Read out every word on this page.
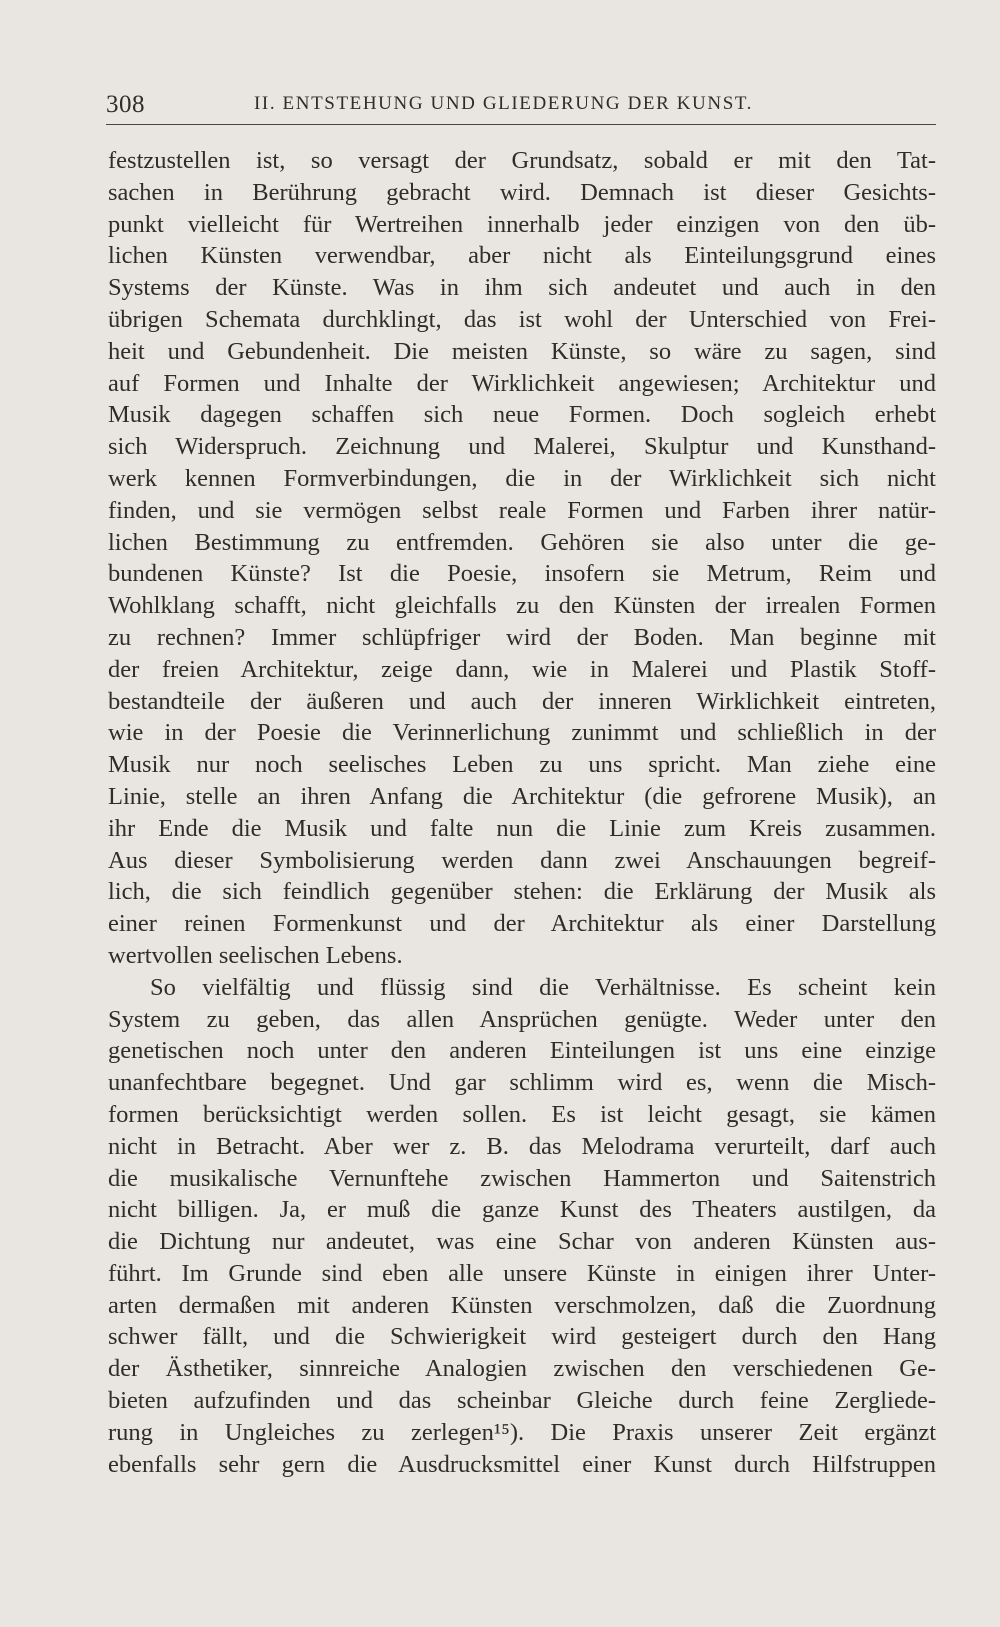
308	II. ENTSTEHUNG UND GLIEDERUNG DER KUNST.
festzustellen ist, so versagt der Grundsatz, sobald er mit den Tat-
sachen in Berührung gebracht wird. Demnach ist dieser Gesichts-
punkt vielleicht für Wertreihen innerhalb jeder einzigen von den üb-
lichen Künsten verwendbar, aber nicht als Einteilungsgrund eines
Systems der Künste. Was in ihm sich andeutet und auch in den
übrigen Schemata durchklingt, das ist wohl der Unterschied von Frei-
heit und Gebundenheit. Die meisten Künste, so wäre zu sagen, sind
auf Formen und Inhalte der Wirklichkeit angewiesen; Architektur und
Musik dagegen schaffen sich neue Formen. Doch sogleich erhebt
sich Widerspruch. Zeichnung und Malerei, Skulptur und Kunsthand-
werk kennen Formverbindungen, die in der Wirklichkeit sich nicht
finden, und sie vermögen selbst reale Formen und Farben ihrer natür-
lichen Bestimmung zu entfremden. Gehören sie also unter die ge-
bundenen Künste? Ist die Poesie, insofern sie Metrum, Reim und
Wohlklang schafft, nicht gleichfalls zu den Künsten der irrealen Formen
zu rechnen? Immer schlüpfriger wird der Boden. Man beginne mit
der freien Architektur, zeige dann, wie in Malerei und Plastik Stoff-
bestandteile der äußeren und auch der inneren Wirklichkeit eintreten,
wie in der Poesie die Verinnerlichung zunimmt und schließlich in der
Musik nur noch seelisches Leben zu uns spricht. Man ziehe eine
Linie, stelle an ihren Anfang die Architektur (die gefrorene Musik), an
ihr Ende die Musik und falte nun die Linie zum Kreis zusammen.
Aus dieser Symbolisierung werden dann zwei Anschauungen begreif-
lich, die sich feindlich gegenüber stehen: die Erklärung der Musik als
einer reinen Formenkunst und der Architektur als einer Darstellung
wertvollen seelischen Lebens.
So vielfältig und flüssig sind die Verhältnisse. Es scheint kein
System zu geben, das allen Ansprüchen genügte. Weder unter den
genetischen noch unter den anderen Einteilungen ist uns eine einzige
unanfechtbare begegnet. Und gar schlimm wird es, wenn die Misch-
formen berücksichtigt werden sollen. Es ist leicht gesagt, sie kämen
nicht in Betracht. Aber wer z. B. das Melodrama verurteilt, darf auch
die musikalische Vernunftehe zwischen Hammerton und Saitenstrich
nicht billigen. Ja, er muß die ganze Kunst des Theaters austilgen, da
die Dichtung nur andeutet, was eine Schar von anderen Künsten aus-
führt. Im Grunde sind eben alle unsere Künste in einigen ihrer Unter-
arten dermaßen mit anderen Künsten verschmolzen, daß die Zuordnung
schwer fällt, und die Schwierigkeit wird gesteigert durch den Hang
der Ästhetiker, sinnreiche Analogien zwischen den verschiedenen Ge-
bieten aufzufinden und das scheinbar Gleiche durch feine Zergliede-
rung in Ungleiches zu zerlegen¹⁵). Die Praxis unserer Zeit ergänzt
ebenfalls sehr gern die Ausdrucksmittel einer Kunst durch Hilfstruppen
